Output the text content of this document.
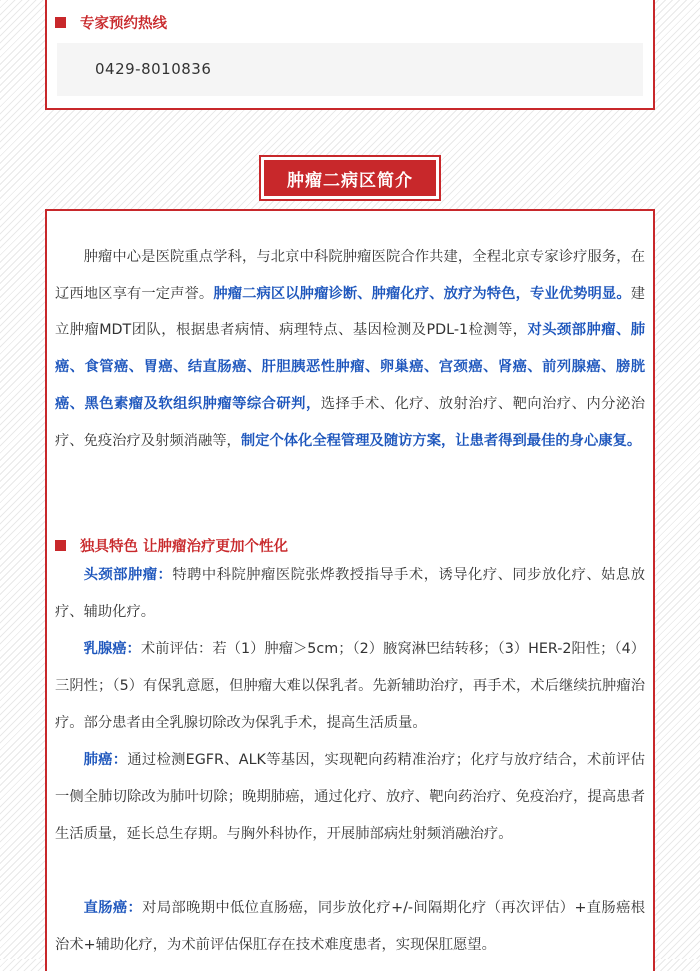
专家预约热线
0429-8010836
肿瘤二病区简介

肿瘤中心是医院重点学科，与北京中科院肿瘤医院合作共建，全程北京专家诊疗服务，在辽西地区享有一定声誉。肿瘤二病区以肿瘤诊断、肿瘤化疗、放疗为特色，专业优势明显。建立肿瘤MDT团队，根据患者病情、病理特点、基因检测及PDL-1检测等，对头颈部肿瘤、肺癌、食管癌、胃癌、结直肠癌、肝胆胰恶性肿瘤、卵巢癌、宫颈癌、肾癌、前列腺癌、膀胱癌、黑色素瘤及软组织肿瘤等综合研判，选择手术、化疗、放射治疗、靶向治疗、内分泌治疗、免疫治疗及射频消融等，制定个体化全程管理及随访方案，让患者得到最佳的身心康复。

独具特色 让肿瘤治疗更加个性化

头颈部肿瘤：特聘中科院肿瘤医院张烨教授指导手术，诱导化疗、同步放化疗、姑息放疗、辅助化疗。

乳腺癌：术前评估：若（1）肿瘤＞5cm；（2）腋窝淋巴结转移；（3）HER-2阳性；（4）三阴性；（5）有保乳意愿，但肿瘤大难以保乳者。先新辅助治疗，再手术，术后继续抗肿瘤治疗。部分患者由全乳腺切除改为保乳手术，提高生活质量。

肺癌：通过检测EGFR、ALK等基因，实现靶向药精准治疗；化疗与放疗结合，术前评估一侧全肺切除改为肺叶切除；晚期肺癌，通过化疗、放疗、靶向药治疗、免疫治疗，提高患者生活质量，延长总生存期。与胸外科协作，开展肺部病灶射频消融治疗。

直肠癌：对局部晚期中低位直肠癌，同步放化疗+/-间隔期化疗（再次评估）+直肠癌根治术+辅助化疗，为术前评估保肛存在技术难度患者，实现保肛愿望。
